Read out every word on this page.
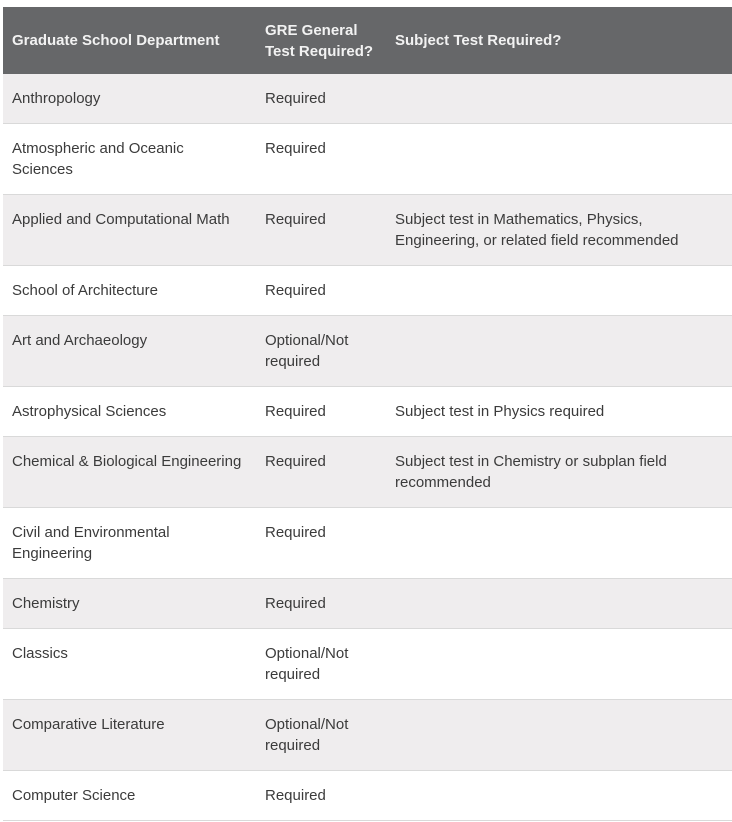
Graduate School Department	GRE General Test Required?	Subject Test Required?
Anthropology	Required	
Atmospheric and Oceanic Sciences	Required	
Applied and Computational Math	Required	Subject test in Mathematics, Physics, Engineering, or related field recommended
School of Architecture	Required	
Art and Archaeology	Optional/Not required	
Astrophysical Sciences	Required	Subject test in Physics required
Chemical & Biological Engineering	Required	Subject test in Chemistry or subplan field recommended
Civil and Environmental Engineering	Required	
Chemistry	Required	
Classics	Optional/Not required	
Comparative Literature	Optional/Not required	
Computer Science	Required	
